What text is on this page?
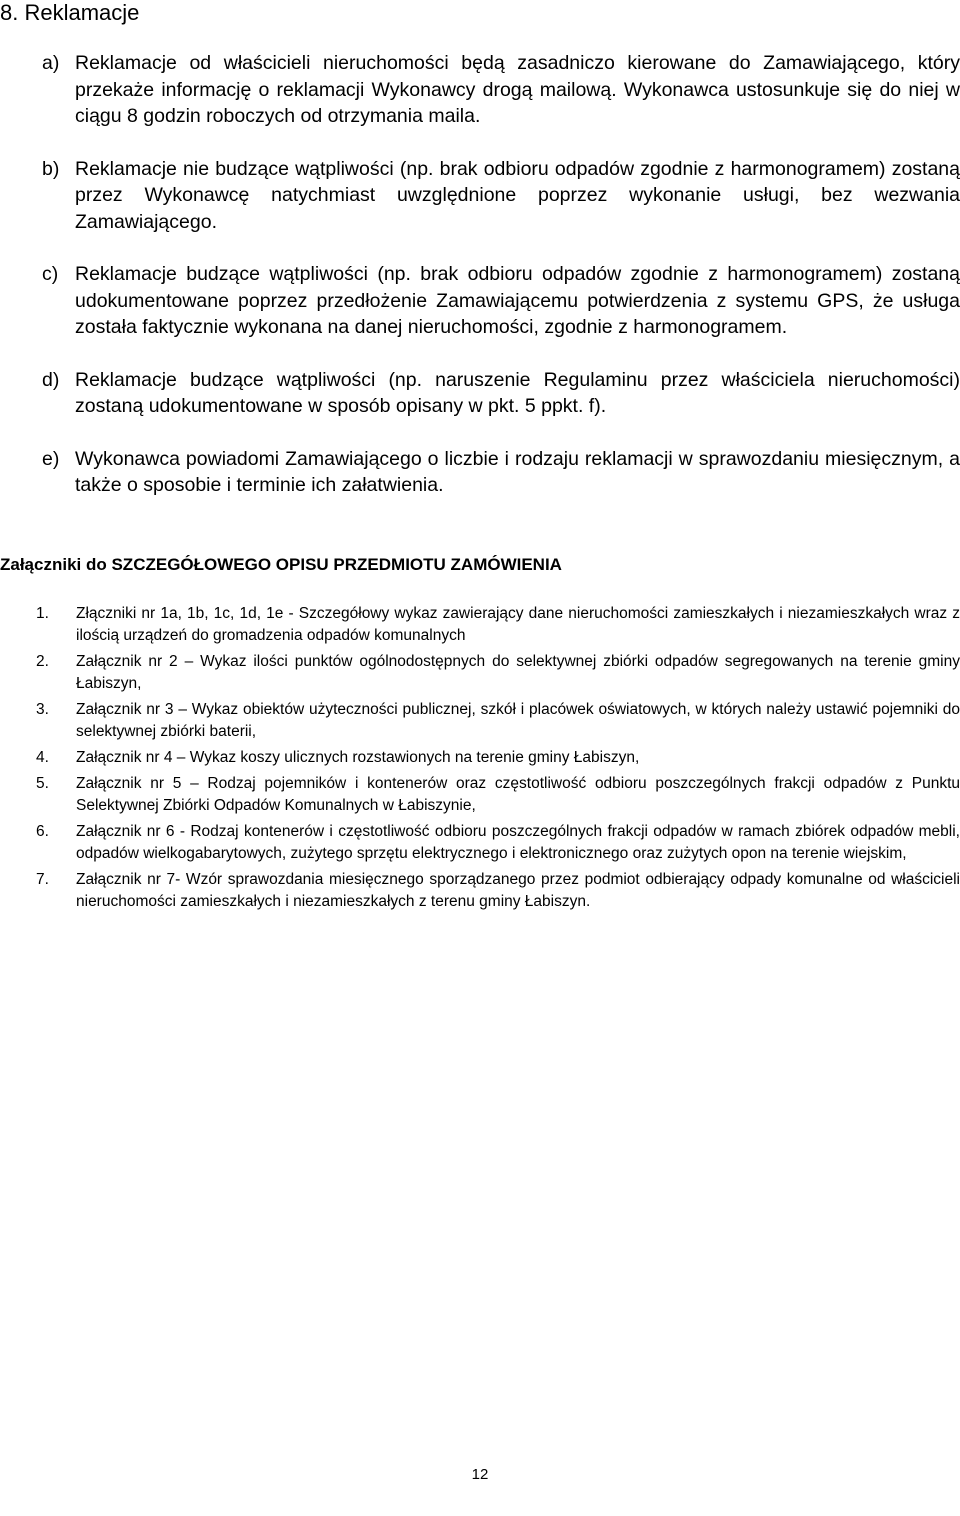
8. Reklamacje
a) Reklamacje od właścicieli nieruchomości będą zasadniczo kierowane do Zamawiającego, który przekaże informację o reklamacji Wykonawcy drogą mailową. Wykonawca ustosunkuje się do niej w ciągu 8 godzin roboczych od otrzymania maila.
b) Reklamacje nie budzące wątpliwości (np. brak odbioru odpadów zgodnie z harmonogramem) zostaną przez Wykonawcę natychmiast uwzględnione poprzez wykonanie usługi, bez wezwania Zamawiającego.
c) Reklamacje budzące wątpliwości (np. brak odbioru odpadów zgodnie z harmonogramem) zostaną udokumentowane poprzez przedłożenie Zamawiającemu potwierdzenia z systemu GPS, że usługa została faktycznie wykonana na danej nieruchomości, zgodnie z harmonogramem.
d) Reklamacje budzące wątpliwości (np. naruszenie Regulaminu przez właściciela nieruchomości) zostaną udokumentowane w sposób opisany w pkt. 5 ppkt. f).
e) Wykonawca powiadomi Zamawiającego o liczbie i rodzaju reklamacji w sprawozdaniu miesięcznym, a także o sposobie i terminie ich załatwienia.
Załączniki do SZCZEGÓŁOWEGO OPISU PRZEDMIOTU ZAMÓWIENIA
1.	Złączniki nr 1a, 1b, 1c, 1d, 1e - Szczegółowy wykaz zawierający dane nieruchomości zamieszkałych i niezamieszkałych wraz z ilością urządzeń do gromadzenia odpadów komunalnych
2.	Załącznik nr 2 – Wykaz ilości punktów ogólnodostępnych do selektywnej zbiórki odpadów segregowanych na terenie gminy Łabiszyn,
3.	Załącznik nr 3 – Wykaz obiektów użyteczności publicznej, szkół i placówek oświatowych, w których należy ustawić pojemniki do selektywnej zbiórki baterii,
4.	Załącznik nr 4 – Wykaz koszy ulicznych rozstawionych na terenie gminy Łabiszyn,
5.	Załącznik nr 5 – Rodzaj pojemników i kontenerów oraz częstotliwość odbioru poszczególnych frakcji odpadów z Punktu Selektywnej Zbiórki Odpadów Komunalnych w Łabiszynie,
6.	Załącznik nr 6 - Rodzaj kontenerów i częstotliwość odbioru poszczególnych frakcji odpadów w ramach zbiórek odpadów mebli, odpadów wielkogabarytowych, zużytego sprzętu elektrycznego i elektronicznego oraz zużytych opon na terenie wiejskim,
7.	Załącznik nr 7- Wzór sprawozdania miesięcznego sporządzanego przez podmiot odbierający odpady komunalne od właścicieli nieruchomości zamieszkałych i niezamieszkałych z terenu gminy Łabiszyn.
12
